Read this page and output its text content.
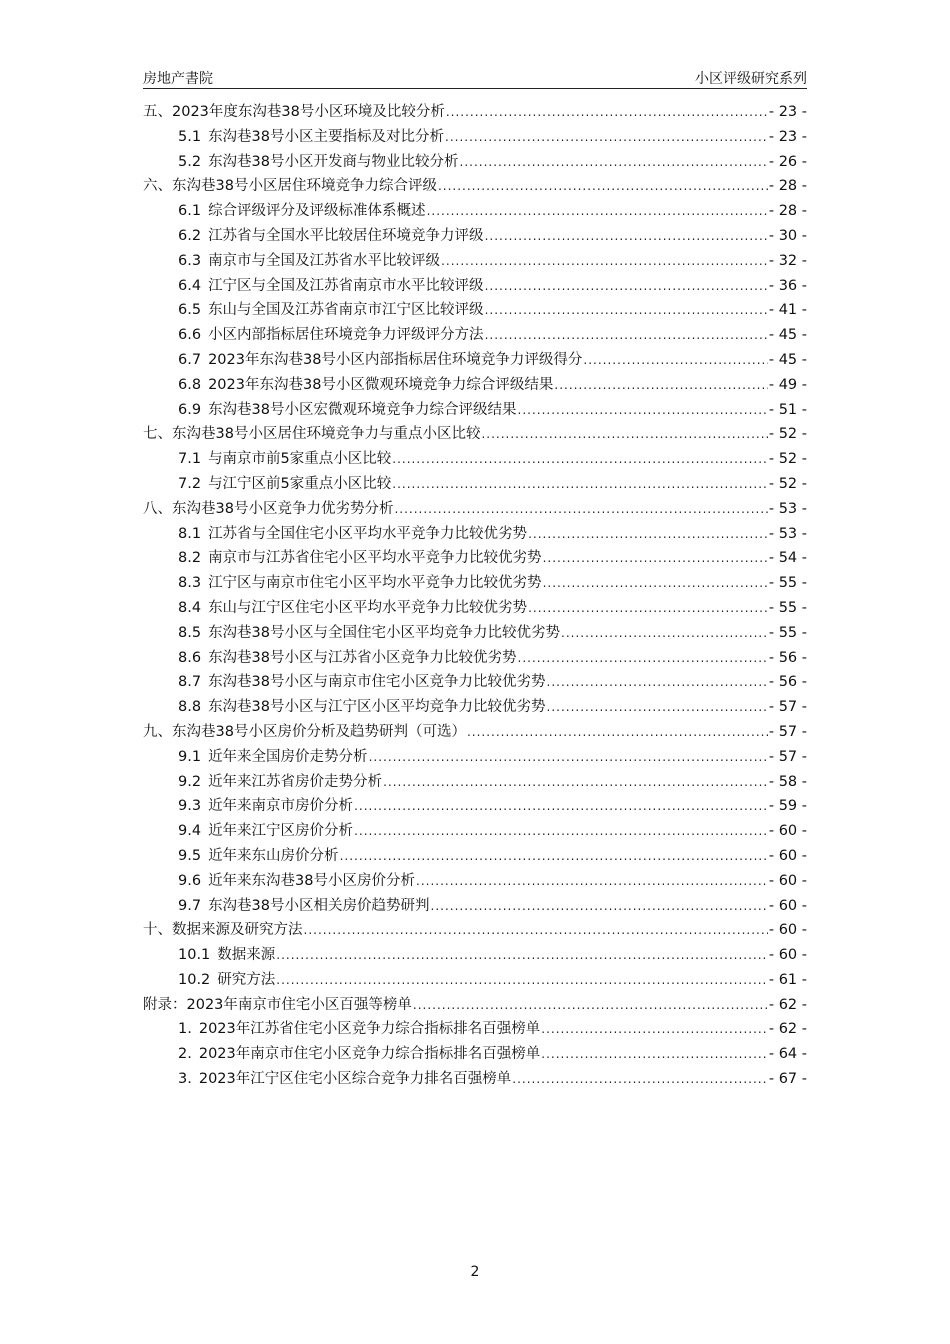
房地产書院	小区评级研究系列
五、2023年度东沟巷38号小区环境及比较分析 .....	- 23 -
5.1 东沟巷38号小区主要指标及对比分析 .....	- 23 -
5.2 东沟巷38号小区开发商与物业比较分析 .....	- 26 -
六、东沟巷38号小区居住环境竞争力综合评级 .....	- 28 -
6.1 综合评级评分及评级标准体系概述 .....	- 28 -
6.2 江苏省与全国水平比较居住环境竞争力评级 .....	- 30 -
6.3 南京市与全国及江苏省水平比较评级 .....	- 32 -
6.4 江宁区与全国及江苏省南京市水平比较评级 .....	- 36 -
6.5 东山与全国及江苏省南京市江宁区比较评级 .....	- 41 -
6.6 小区内部指标居住环境竞争力评级评分方法 .....	- 45 -
6.7 2023年东沟巷38号小区内部指标居住环境竞争力评级得分 .....	- 45 -
6.8 2023年东沟巷38号小区微观环境竞争力综合评级结果 .....	- 49 -
6.9 东沟巷38号小区宏微观环境竞争力综合评级结果 .....	- 51 -
七、东沟巷38号小区居住环境竞争力与重点小区比较 .....	- 52 -
7.1 与南京市前5家重点小区比较 .....	- 52 -
7.2 与江宁区前5家重点小区比较 .....	- 52 -
八、东沟巷38号小区竞争力优劣势分析 .....	- 53 -
8.1 江苏省与全国住宅小区平均水平竞争力比较优劣势 .....	- 53 -
8.2 南京市与江苏省住宅小区平均水平竞争力比较优劣势 .....	- 54 -
8.3 江宁区与南京市住宅小区平均水平竞争力比较优劣势 .....	- 55 -
8.4 东山与江宁区住宅小区平均水平竞争力比较优劣势 .....	- 55 -
8.5 东沟巷38号小区与全国住宅小区平均竞争力比较优劣势 .....	- 55 -
8.6 东沟巷38号小区与江苏省小区竞争力比较优劣势 .....	- 56 -
8.7 东沟巷38号小区与南京市住宅小区竞争力比较优劣势 .....	- 56 -
8.8 东沟巷38号小区与江宁区小区平均竞争力比较优劣势 .....	- 57 -
九、东沟巷38号小区房价分析及趋势研判（可选） .....	- 57 -
9.1 近年来全国房价走势分析 .....	- 57 -
9.2 近年来江苏省房价走势分析 .....	- 58 -
9.3 近年来南京市房价分析 .....	- 59 -
9.4 近年来江宁区房价分析 .....	- 60 -
9.5 近年来东山房价分析 .....	- 60 -
9.6 近年来东沟巷38号小区房价分析 .....	- 60 -
9.7 东沟巷38号小区相关房价趋势研判 .....	- 60 -
十、数据来源及研究方法 .....	- 60 -
10.1 数据来源 .....	- 60 -
10.2 研究方法 .....	- 61 -
附录：2023年南京市住宅小区百强等榜单 .....	- 62 -
1. 2023年江苏省住宅小区竞争力综合指标排名百强榜单 .....	- 62 -
2. 2023年南京市住宅小区竞争力综合指标排名百强榜单 .....	- 64 -
3. 2023年江宁区住宅小区综合竞争力排名百强榜单 .....	- 67 -
2
